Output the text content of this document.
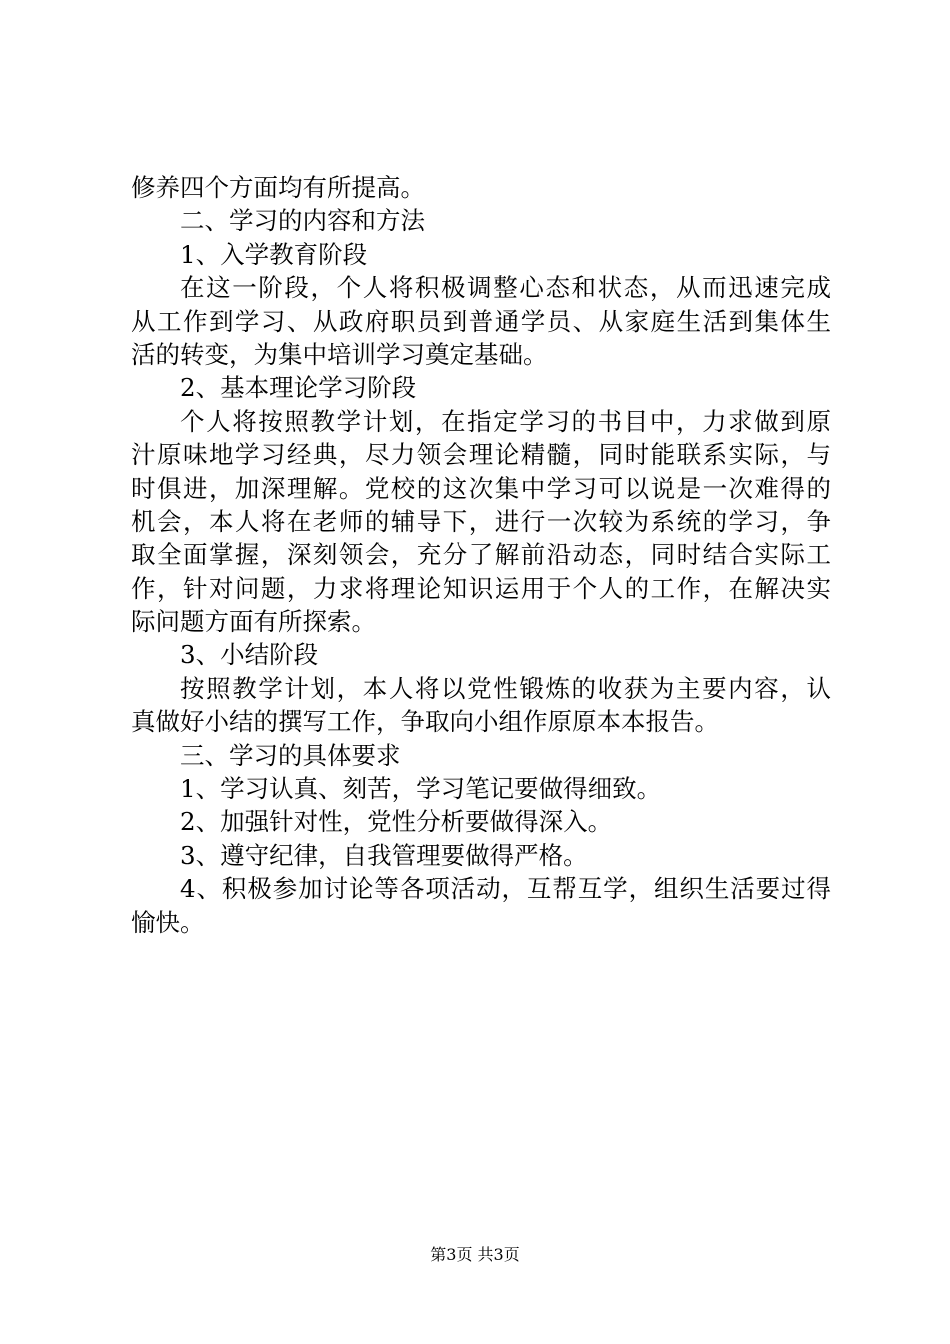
修养四个方面均有所提高。
二、学习的内容和方法
1、入学教育阶段
在这一阶段，个人将积极调整心态和状态，从而迅速完成
从工作到学习、从政府职员到普通学员、从家庭生活到集体生
活的转变，为集中培训学习奠定基础。
2、基本理论学习阶段
个人将按照教学计划，在指定学习的书目中，力求做到原
汁原味地学习经典，尽力领会理论精髓，同时能联系实际，与
时俱进，加深理解。党校的这次集中学习可以说是一次难得的
机会，本人将在老师的辅导下，进行一次较为系统的学习，争
取全面掌握，深刻领会，充分了解前沿动态，同时结合实际工
作，针对问题，力求将理论知识运用于个人的工作，在解决实
际问题方面有所探索。
3、小结阶段
按照教学计划，本人将以党性锻炼的收获为主要内容，认
真做好小结的撰写工作，争取向小组作原原本本报告。
三、学习的具体要求
1、学习认真、刻苦，学习笔记要做得细致。
2、加强针对性，党性分析要做得深入。
3、遵守纪律，自我管理要做得严格。
4、积极参加讨论等各项活动，互帮互学，组织生活要过得
愉快。
第3页 共3页
